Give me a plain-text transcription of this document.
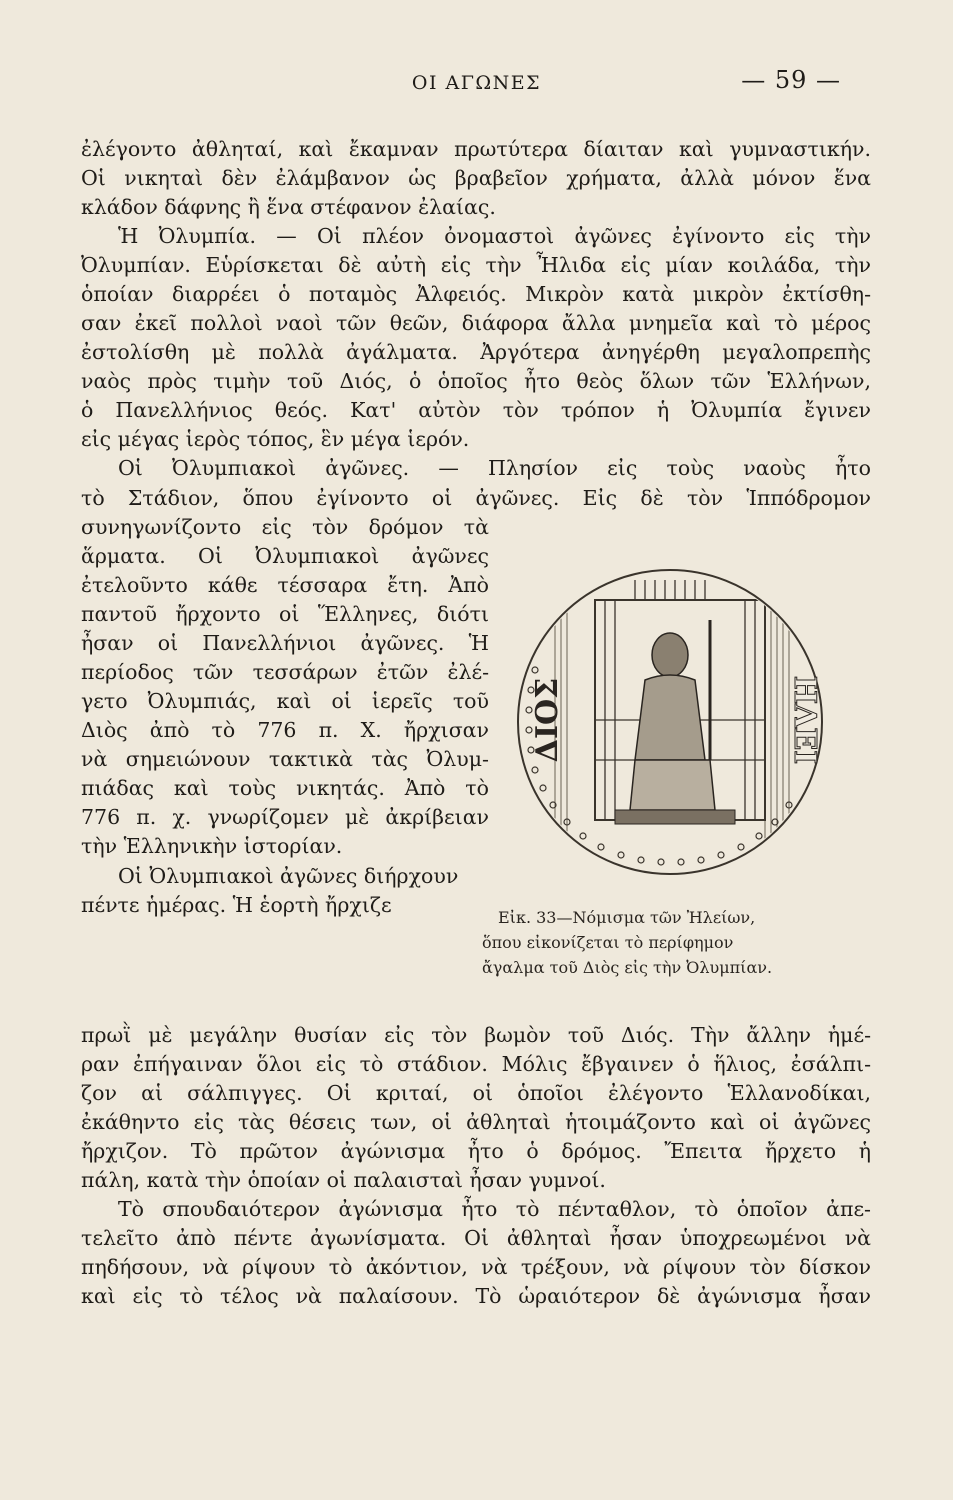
ΟΙ ΑΓΩΝΕΣ	— 59 —
ἐλέγοντο ἀθληταί, καὶ ἔκαμναν πρωτύτερα δίαιταν καὶ γυμναστικήν.
Οἱ νικηταὶ δὲν ἐλάμβανον ὡς βραβεῖον χρήματα, ἀλλὰ μόνον ἕνα
κλάδον δάφνης ἢ ἕνα στέφανον ἐλαίας.
Ἡ Ὀλυμπία. — Οἱ πλέον ὀνομαστοὶ ἀγῶνες ἐγίνοντο εἰς τὴν
Ὀλυμπίαν. Εὑρίσκεται δὲ αὐτὴ εἰς τὴν Ἦλιδα εἰς μίαν κοιλάδα, τὴν
ὁποίαν διαρρέει ὁ ποταμὸς Ἀλφειός. Μικρὸν κατὰ μικρὸν ἐκτίσθη-
σαν ἐκεῖ πολλοὶ ναοὶ τῶν θεῶν, διάφορα ἄλλα μνημεῖα καὶ τὸ μέρος
ἐστολίσθη μὲ πολλὰ ἀγάλματα. Ἀργότερα ἀνηγέρθη μεγαλοπρεπὴς
ναὸς πρὸς τιμὴν τοῦ Διός, ὁ ὁποῖος ἦτο θεὸς ὅλων τῶν Ἑλλήνων,
ὁ Πανελλήνιος θεός. Κατ' αὐτὸν τὸν τρόπον ἡ Ὀλυμπία ἔγινεν
εἰς μέγας ἱερὸς τόπος, ἓν μέγα ἱερόν.
Οἱ Ὀλυμπιακοὶ ἀγῶνες. — Πλησίον εἰς τοὺς ναοὺς ἦτο
τὸ Στάδιον, ὅπου ἐγίνοντο οἱ ἀγῶνες. Εἰς δὲ τὸν Ἱππόδρομον
συνηγωνίζοντο εἰς τὸν δρόμον τὰ
ἅρματα. Οἱ Ὀλυμπιακοὶ ἀγῶνες
ἐτελοῦντο κάθε τέσσαρα ἔτη. Ἀπὸ
παντοῦ ἤρχοντο οἱ Ἕλληνες, διότι
ἦσαν οἱ Πανελλήνιοι ἀγῶνες. Ἡ
περίοδος τῶν τεσσάρων ἐτῶν ἐλέ-
γετο Ὀλυμπιάς, καὶ οἱ ἱερεῖς τοῦ
Διὸς ἀπὸ τὸ 776 π. Χ. ἤρχισαν
νὰ σημειώνουν τακτικὰ τὰς Ὀλυμ-
πιάδας καὶ τοὺς νικητάς. Ἀπὸ τὸ
776 π. χ. γνωρίζομεν μὲ ἀκρίβειαν
τὴν Ἑλληνικὴν ἱστορίαν.
Οἱ Ὀλυμπιακοὶ ἀγῶνες διήρχουν
πέντε ἡμέρας. Ἡ ἑορτὴ ἤρχιζε
ΔΙΟΣ	ΗΛΕΙ
Εἰκ. 33—Νόμισμα τῶν Ἠλείων,
ὅπου εἰκονίζεται τὸ περίφημον
ἄγαλμα τοῦ Διὸς εἰς τὴν Ὀλυμπίαν.
πρωῒ μὲ μεγάλην θυσίαν εἰς τὸν βωμὸν τοῦ Διός. Τὴν ἄλλην ἡμέ-
ραν ἐπήγαιναν ὅλοι εἰς τὸ στάδιον. Μόλις ἔβγαινεν ὁ ἥλιος, ἐσάλπι-
ζον αἱ σάλπιγγες. Οἱ κριταί, οἱ ὁποῖοι ἐλέγοντο Ἑλλανοδίκαι,
ἐκάθηντο εἰς τὰς θέσεις των, οἱ ἀθληταὶ ἡτοιμάζοντο καὶ οἱ ἀγῶνες
ἤρχιζον. Τὸ πρῶτον ἀγώνισμα ἦτο ὁ δρόμος. Ἔπειτα ἤρχετο ἡ
πάλη, κατὰ τὴν ὁποίαν οἱ παλαισταὶ ἦσαν γυμνοί.
Τὸ σπουδαιότερον ἀγώνισμα ἦτο τὸ πένταθλον, τὸ ὁποῖον ἀπε-
τελεῖτο ἀπὸ πέντε ἀγωνίσματα. Οἱ ἀθληταὶ ἦσαν ὑποχρεωμένοι νὰ
πηδήσουν, νὰ ρίψουν τὸ ἀκόντιον, νὰ τρέξουν, νὰ ρίψουν τὸν δίσκον
καὶ εἰς τὸ τέλος νὰ παλαίσουν. Τὸ ὡραιότερον δὲ ἀγώνισμα ἦσαν
